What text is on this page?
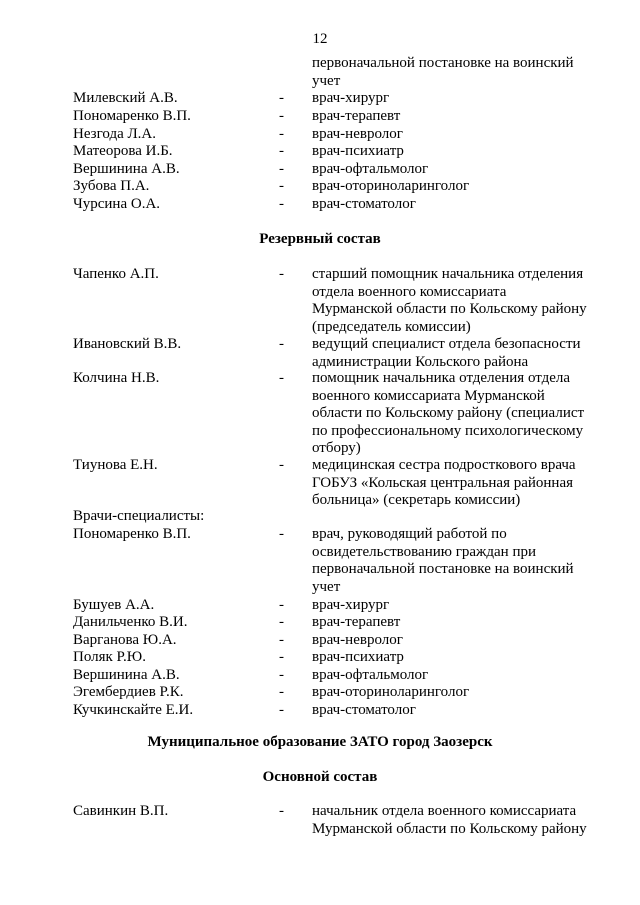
12
первоначальной постановке на воинский
учет
Милевский А.В.	- врач-хирург
Пономаренко В.П.	- врач-терапевт
Незгода Л.А.	- врач-невролог
Матеорова И.Б.	- врач-психиатр
Вершинина А.В.	- врач-офтальмолог
Зубова П.А.	- врач-оториноларинголог
Чурсина О.А.	- врач-стоматолог
Резервный состав
Чапенко А.П.	- старший помощник начальника отделения
отдела военного комиссариата
Мурманской области по Кольскому району
(председатель комиссии)
Ивановский В.В.	- ведущий специалист отдела безопасности
администрации Кольского района
Колчина Н.В.	- помощник начальника отделения отдела
военного комиссариата Мурманской
области по Кольскому району (специалист
по профессиональному психологическому
отбору)
Тиунова Е.Н.	- медицинская сестра подросткового врача
ГОБУЗ «Кольская центральная районная
больница» (секретарь комиссии)
Врачи-специалисты:
Пономаренко В.П.	- врач, руководящий работой по
освидетельствованию граждан при
первоначальной постановке на воинский
учет
Бушуев А.А.	- врач-хирург
Данильченко В.И.	- врач-терапевт
Варганова Ю.А.	- врач-невролог
Поляк Р.Ю.	- врач-психиатр
Вершинина А.В.	- врач-офтальмолог
Эгембердиев Р.К.	- врач-оториноларинголог
Кучкинскайте Е.И.	- врач-стоматолог
Муниципальное образование ЗАТО город Заозерск
Основной состав
Савинкин В.П.	- начальник отдела военного комиссариата
Мурманской области по Кольскому району
